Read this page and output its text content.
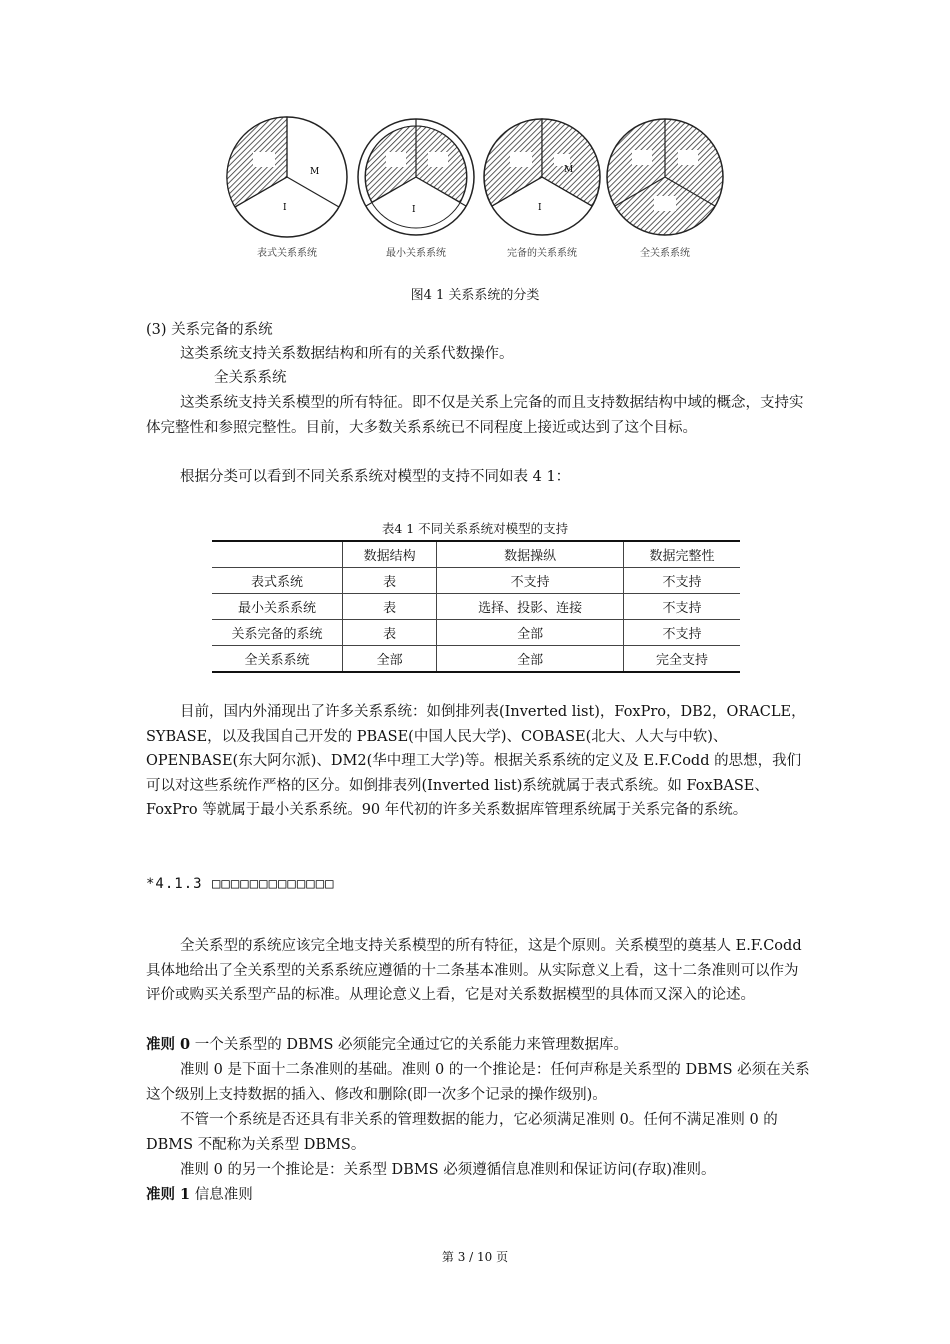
M
I	I
M
I
表式关系系统	最小关系系统	完备的关系系统	全关系系统
图4 1 关系系统的分类

(3) 关系完备的系统

这类系统支持关系数据结构和所有的关系代数操作。

全关系系统

这类系统支持关系模型的所有特征。即不仅是关系上完备的而且支持数据结构中域的概念，支持实体完整性和参照完整性。目前，大多数关系系统已不同程度上接近或达到了这个目标。

根据分类可以看到不同关系系统对模型的支持不同如表 4 1：

表4 1 不同关系系统对模型的支持
	数据结构	数据操纵	数据完整性
表式系统	表	不支持	不支持
最小关系系统	表	选择、投影、连接	不支持
关系完备的系统	表	全部	不支持
全关系系统	全部	全部	完全支持

目前，国内外涌现出了许多关系系统：如倒排列表(Inverted list)，FoxPro，DB2，ORACLE，SYBASE，以及我国自己开发的 PBASE(中国人民大学)、COBASE(北大、人大与中软)、OPENBASE(东大阿尔派)、DM2(华中理工大学)等。根据关系系统的定义及 E.F.Codd 的思想，我们可以对这些系统作严格的区分。如倒排表列(Inverted list)系统就属于表式系统。如 FoxBASE、FoxPro 等就属于最小关系系统。90 年代初的许多关系数据库管理系统属于关系完备的系统。

*4.1.3 □□□□□□□□□□□□□

全关系型的系统应该完全地支持关系模型的所有特征，这是个原则。关系模型的奠基人 E.F.Codd 具体地给出了全关系型的关系系统应遵循的十二条基本准则。从实际意义上看，这十二条准则可以作为评价或购买关系型产品的标准。从理论意义上看，它是对关系数据模型的具体而又深入的论述。

准则 0 一个关系型的 DBMS 必须能完全通过它的关系能力来管理数据库。

准则 0 是下面十二条准则的基础。准则 0 的一个推论是：任何声称是关系型的 DBMS 必须在关系这个级别上支持数据的插入、修改和删除(即一次多个记录的操作级别)。

不管一个系统是否还具有非关系的管理数据的能力，它必须满足准则 0。任何不满足准则 0 的 DBMS 不配称为关系型 DBMS。

准则 0 的另一个推论是：关系型 DBMS 必须遵循信息准则和保证访问(存取)准则。

准则 1 信息准则

第 3 / 10 页
